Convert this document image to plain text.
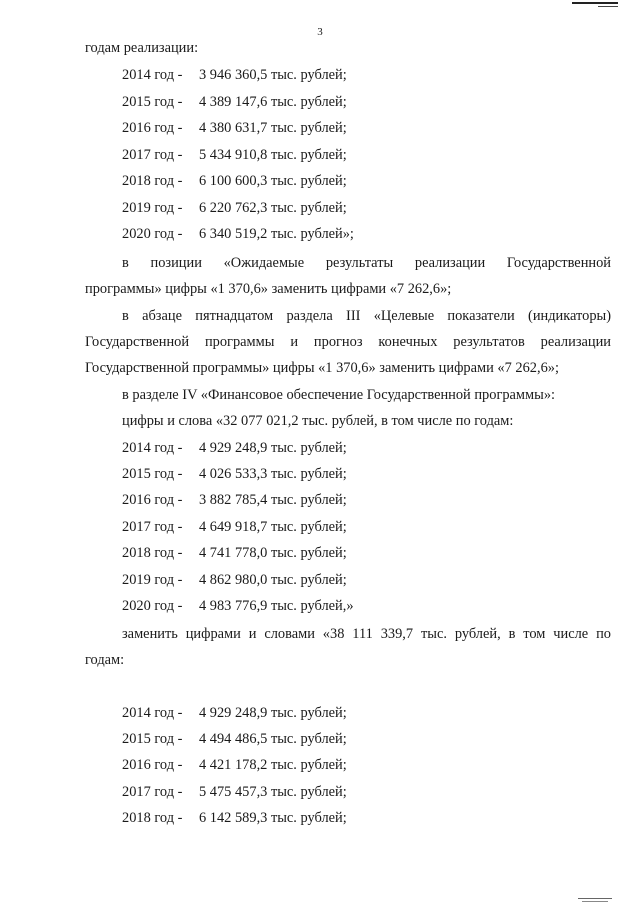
3
годам реализации:
2014 год - 3 946 360,5 тыс. рублей;
2015 год - 4 389 147,6 тыс. рублей;
2016 год - 4 380 631,7 тыс. рублей;
2017 год - 5 434 910,8 тыс. рублей;
2018 год - 6 100 600,3 тыс. рублей;
2019 год - 6 220 762,3 тыс. рублей;
2020 год - 6 340 519,2 тыс. рублей»;
в позиции «Ожидаемые результаты реализации Государственной
программы» цифры «1 370,6» заменить цифрами «7 262,6»;
в абзаце пятнадцатом раздела III «Целевые показатели (индикаторы)
Государственной программы и прогноз конечных результатов реализации
Государственной программы» цифры «1 370,6» заменить цифрами «7 262,6»;
в разделе IV «Финансовое обеспечение Государственной программы»:
цифры и слова «32 077 021,2 тыс. рублей, в том числе по годам:
2014 год - 4 929 248,9 тыс. рублей;
2015 год - 4 026 533,3 тыс. рублей;
2016 год - 3 882 785,4 тыс. рублей;
2017 год - 4 649 918,7 тыс. рублей;
2018 год - 4 741 778,0 тыс. рублей;
2019 год - 4 862 980,0 тыс. рублей;
2020 год - 4 983 776,9 тыс. рублей,»
заменить цифрами и словами «38 111 339,7 тыс. рублей, в том числе по
годам:
2014 год - 4 929 248,9 тыс. рублей;
2015 год - 4 494 486,5 тыс. рублей;
2016 год - 4 421 178,2 тыс. рублей;
2017 год - 5 475 457,3 тыс. рублей;
2018 год - 6 142 589,3 тыс. рублей;
